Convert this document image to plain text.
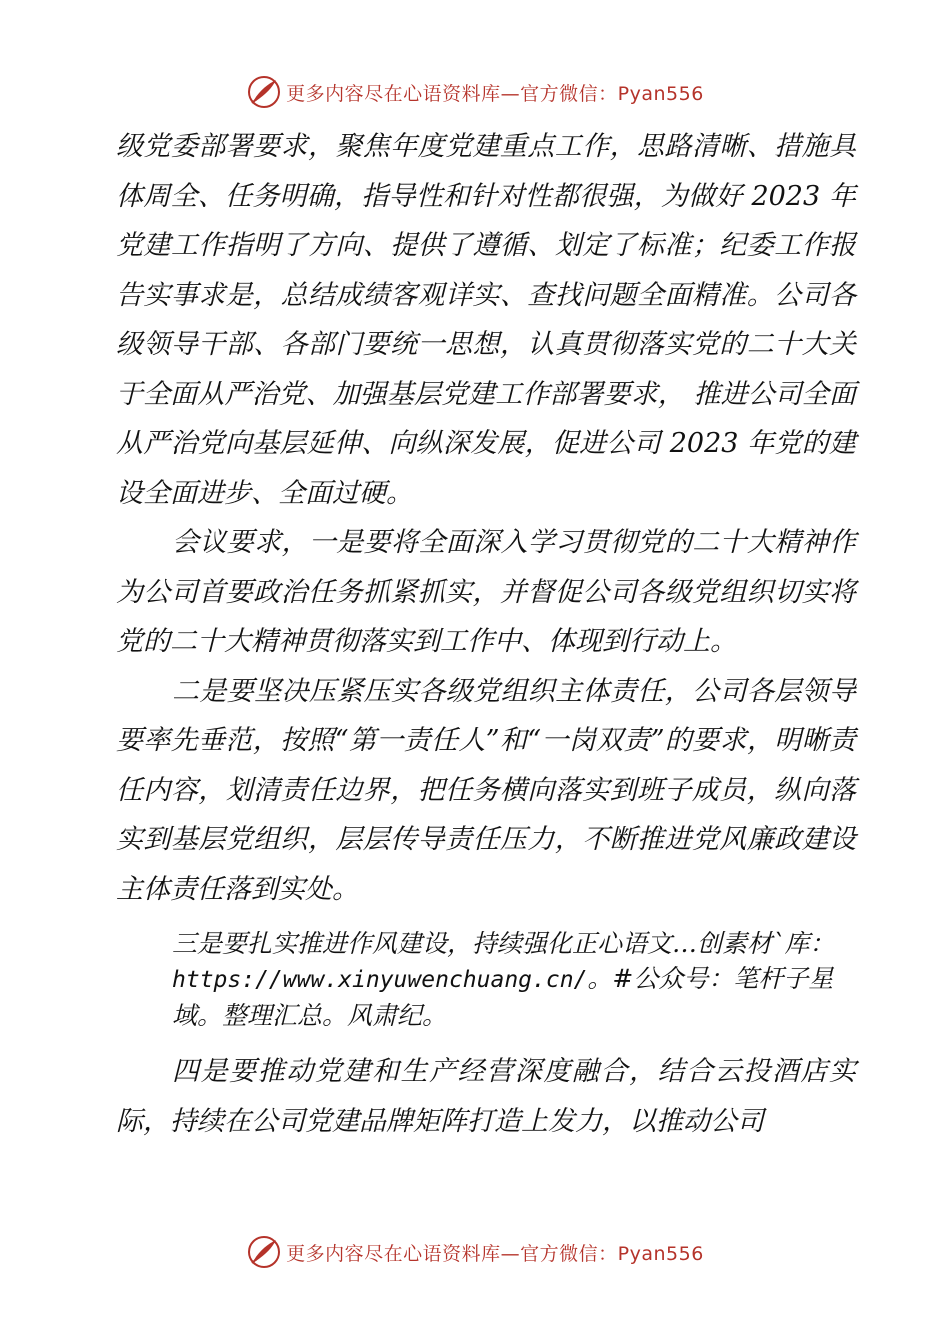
更多内容尽在心语资料库—官方微信：Pyan556

级党委部署要求，聚焦年度党建重点工作，思路清晰、措施具体周全、任务明确，指导性和针对性都很强，为做好 2023 年党建工作指明了方向、提供了遵循、划定了标准；纪委工作报告实事求是，总结成绩客观详实、查找问题全面精准。公司各级领导干部、各部门要统一思想，认真贯彻落实党的二十大关于全面从严治党、加强基层党建工作部署要求， 推进公司全面从严治党向基层延伸、向纵深发展，促进公司 2023 年党的建设全面进步、全面过硬。

会议要求，一是要将全面深入学习贯彻党的二十大精神作为公司首要政治任务抓紧抓实，并督促公司各级党组织切实将党的二十大精神贯彻落实到工作中、体现到行动上。

二是要坚决压紧压实各级党组织主体责任，公司各层领导要率先垂范，按照“第一责任人”和“一岗双责”的要求，明晰责任内容，划清责任边界，把任务横向落实到班子成员，纵向落实到基层党组织，层层传导责任压力，不断推进党风廉政建设主体责任落到实处。

三是要扎实推进作风建设，持续强化正心语文…创素材`库：https://www.xinyuwenchuang.cn/。#公众号：笔杆子星域。整理汇总。风肃纪。

四是要推动党建和生产经营深度融合，结合云投酒店实际，持续在公司党建品牌矩阵打造上发力，以推动公司

更多内容尽在心语资料库—官方微信：Pyan556
